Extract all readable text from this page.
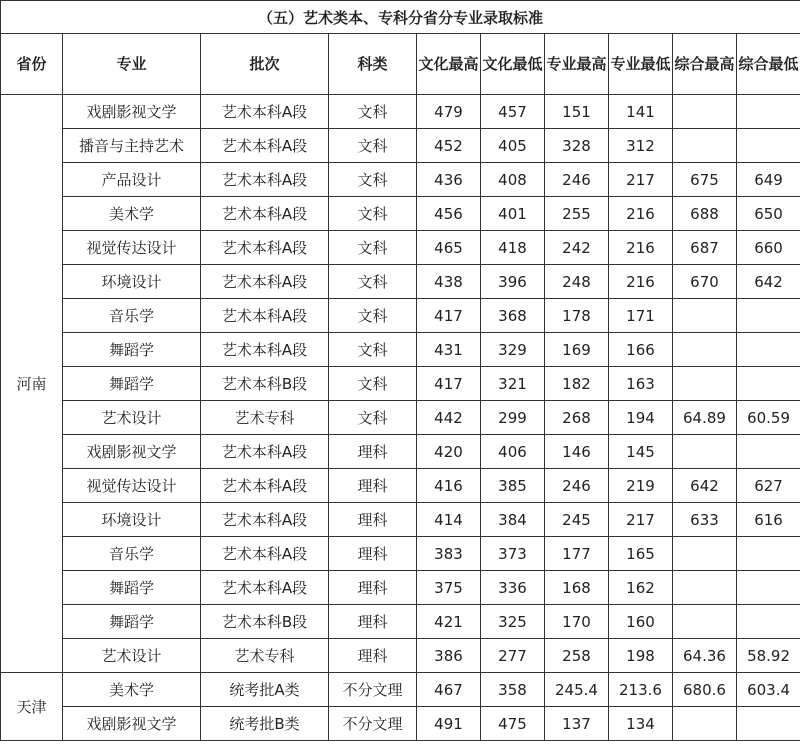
（五）艺术类本、专科分省分专业录取标准									
省份	专业	批次	科类	文化最高	文化最低	专业最高	专业最低	综合最高	综合最低
河南	戏剧影视文学	艺术本科A段	文科	479	457	151	141		
	播音与主持艺术	艺术本科A段	文科	452	405	328	312		
	产品设计	艺术本科A段	文科	436	408	246	217	675	649
	美术学	艺术本科A段	文科	456	401	255	216	688	650
	视觉传达设计	艺术本科A段	文科	465	418	242	216	687	660
	环境设计	艺术本科A段	文科	438	396	248	216	670	642
	音乐学	艺术本科A段	文科	417	368	178	171		
	舞蹈学	艺术本科A段	文科	431	329	169	166		
	舞蹈学	艺术本科B段	文科	417	321	182	163		
	艺术设计	艺术专科	文科	442	299	268	194	64.89	60.59
	戏剧影视文学	艺术本科A段	理科	420	406	146	145		
	视觉传达设计	艺术本科A段	理科	416	385	246	219	642	627
	环境设计	艺术本科A段	理科	414	384	245	217	633	616
	音乐学	艺术本科A段	理科	383	373	177	165		
	舞蹈学	艺术本科A段	理科	375	336	168	162		
	舞蹈学	艺术本科B段	理科	421	325	170	160		
	艺术设计	艺术专科	理科	386	277	258	198	64.36	58.92
天津	美术学	统考批A类	不分文理	467	358	245.4	213.6	680.6	603.4
	戏剧影视文学	统考批B类	不分文理	491	475	137	134		
